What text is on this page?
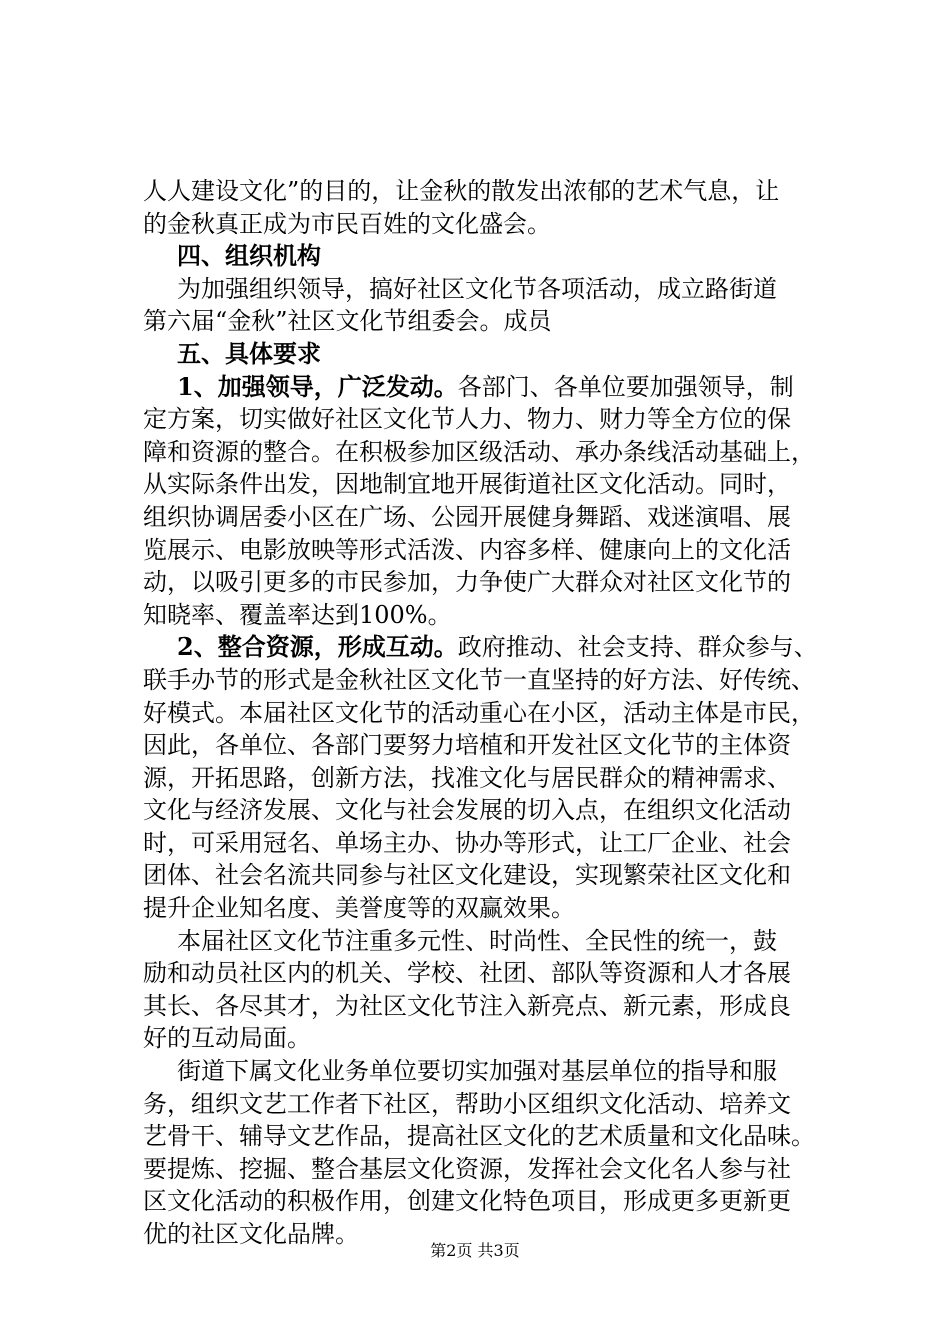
人人建设文化”的目的，让金秋的散发出浓郁的艺术气息，让
的金秋真正成为市民百姓的文化盛会。
四、组织机构
为加强组织领导，搞好社区文化节各项活动，成立路街道
第六届“金秋”社区文化节组委会。成员
五、具体要求
1、加强领导，广泛发动。各部门、各单位要加强领导，制
定方案，切实做好社区文化节人力、物力、财力等全方位的保
障和资源的整合。在积极参加区级活动、承办条线活动基础上，
从实际条件出发，因地制宜地开展街道社区文化活动。同时，
组织协调居委小区在广场、公园开展健身舞蹈、戏迷演唱、展
览展示、电影放映等形式活泼、内容多样、健康向上的文化活
动，以吸引更多的市民参加，力争使广大群众对社区文化节的
知晓率、覆盖率达到100%。
2、整合资源，形成互动。政府推动、社会支持、群众参与、
联手办节的形式是金秋社区文化节一直坚持的好方法、好传统、
好模式。本届社区文化节的活动重心在小区，活动主体是市民，
因此，各单位、各部门要努力培植和开发社区文化节的主体资
源，开拓思路，创新方法，找准文化与居民群众的精神需求、
文化与经济发展、文化与社会发展的切入点，在组织文化活动
时，可采用冠名、单场主办、协办等形式，让工厂企业、社会
团体、社会名流共同参与社区文化建设，实现繁荣社区文化和
提升企业知名度、美誉度等的双赢效果。
本届社区文化节注重多元性、时尚性、全民性的统一，鼓
励和动员社区内的机关、学校、社团、部队等资源和人才各展
其长、各尽其才，为社区文化节注入新亮点、新元素，形成良
好的互动局面。
街道下属文化业务单位要切实加强对基层单位的指导和服
务，组织文艺工作者下社区，帮助小区组织文化活动、培养文
艺骨干、辅导文艺作品，提高社区文化的艺术质量和文化品味。
要提炼、挖掘、整合基层文化资源，发挥社会文化名人参与社
区文化活动的积极作用，创建文化特色项目，形成更多更新更
优的社区文化品牌。
第2页 共3页
